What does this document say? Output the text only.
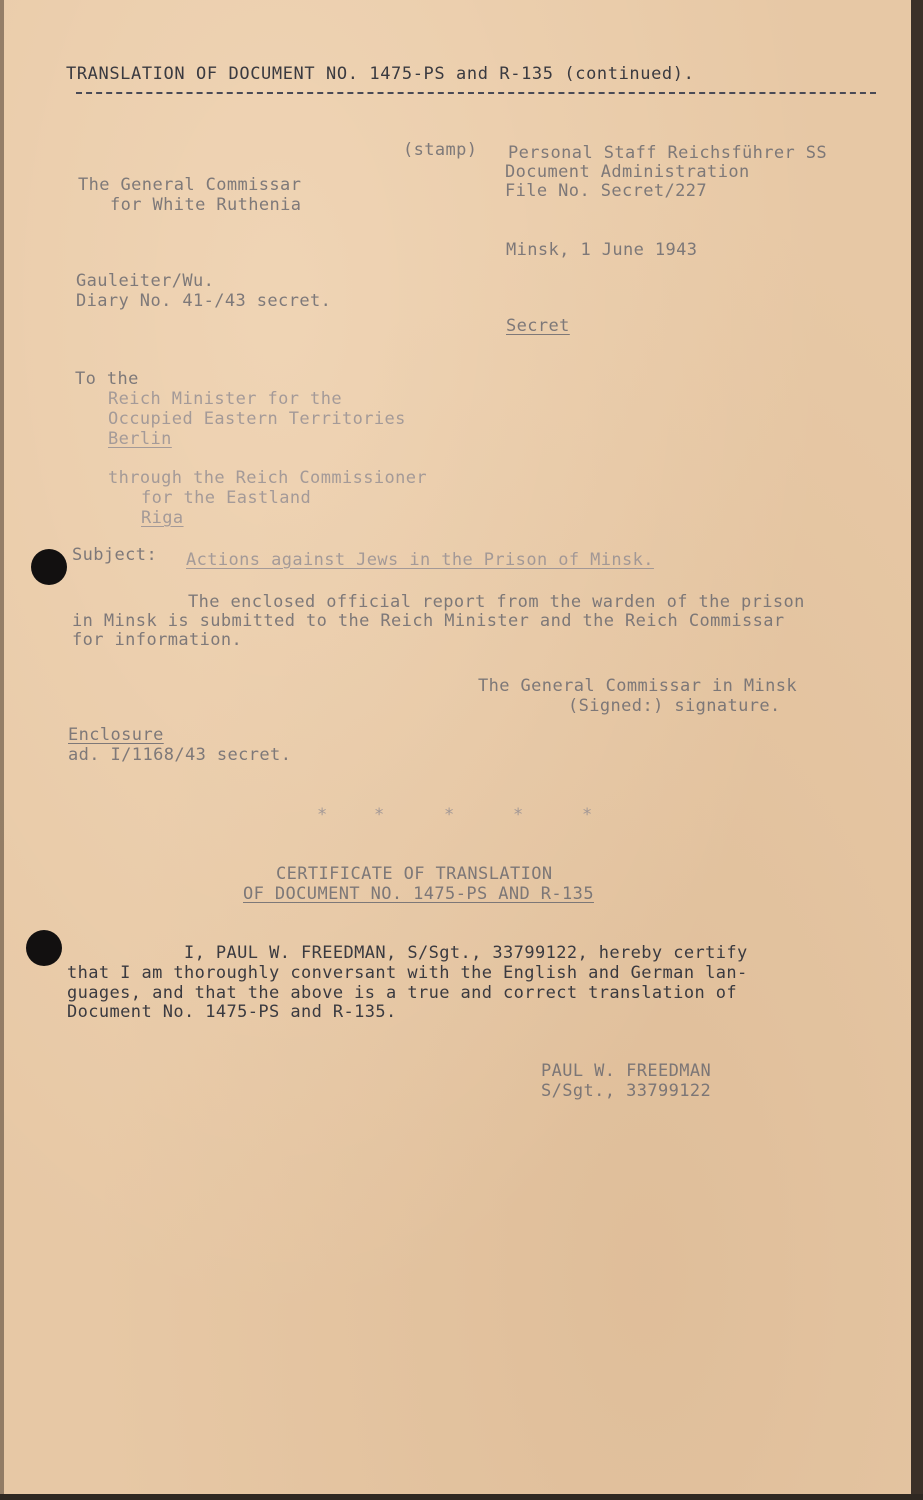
TRANSLATION OF DOCUMENT NO. 1475-PS and R-135 (continued).
(stamp) Personal Staff Reichsführer SS
Document Administration
File No. Secret/227
The General Commissar
for White Ruthenia
Minsk, 1 June 1943
Gauleiter/Wu.
Diary No. 41-/43 secret.
Secret
To the
Reich Minister for the
Occupied Eastern Territories
Berlin
through the Reich Commissioner
for the Eastland
Riga
Subject: Actions against Jews in the Prison of Minsk.
The enclosed official report from the warden of the prison
in Minsk is submitted to the Reich Minister and the Reich Commissar
for information.
The General Commissar in Minsk
(Signed:) signature.
Enclosure
ad. I/1168/43 secret.
*	*	*	*	*
CERTIFICATE OF TRANSLATION
OF DOCUMENT NO. 1475-PS AND R-135
I, PAUL W. FREEDMAN, S/Sgt., 33799122, hereby certify
that I am thoroughly conversant with the English and German lan-
guages, and that the above is a true and correct translation of
Document No. 1475-PS and R-135.
PAUL W. FREEDMAN
S/Sgt., 33799122
